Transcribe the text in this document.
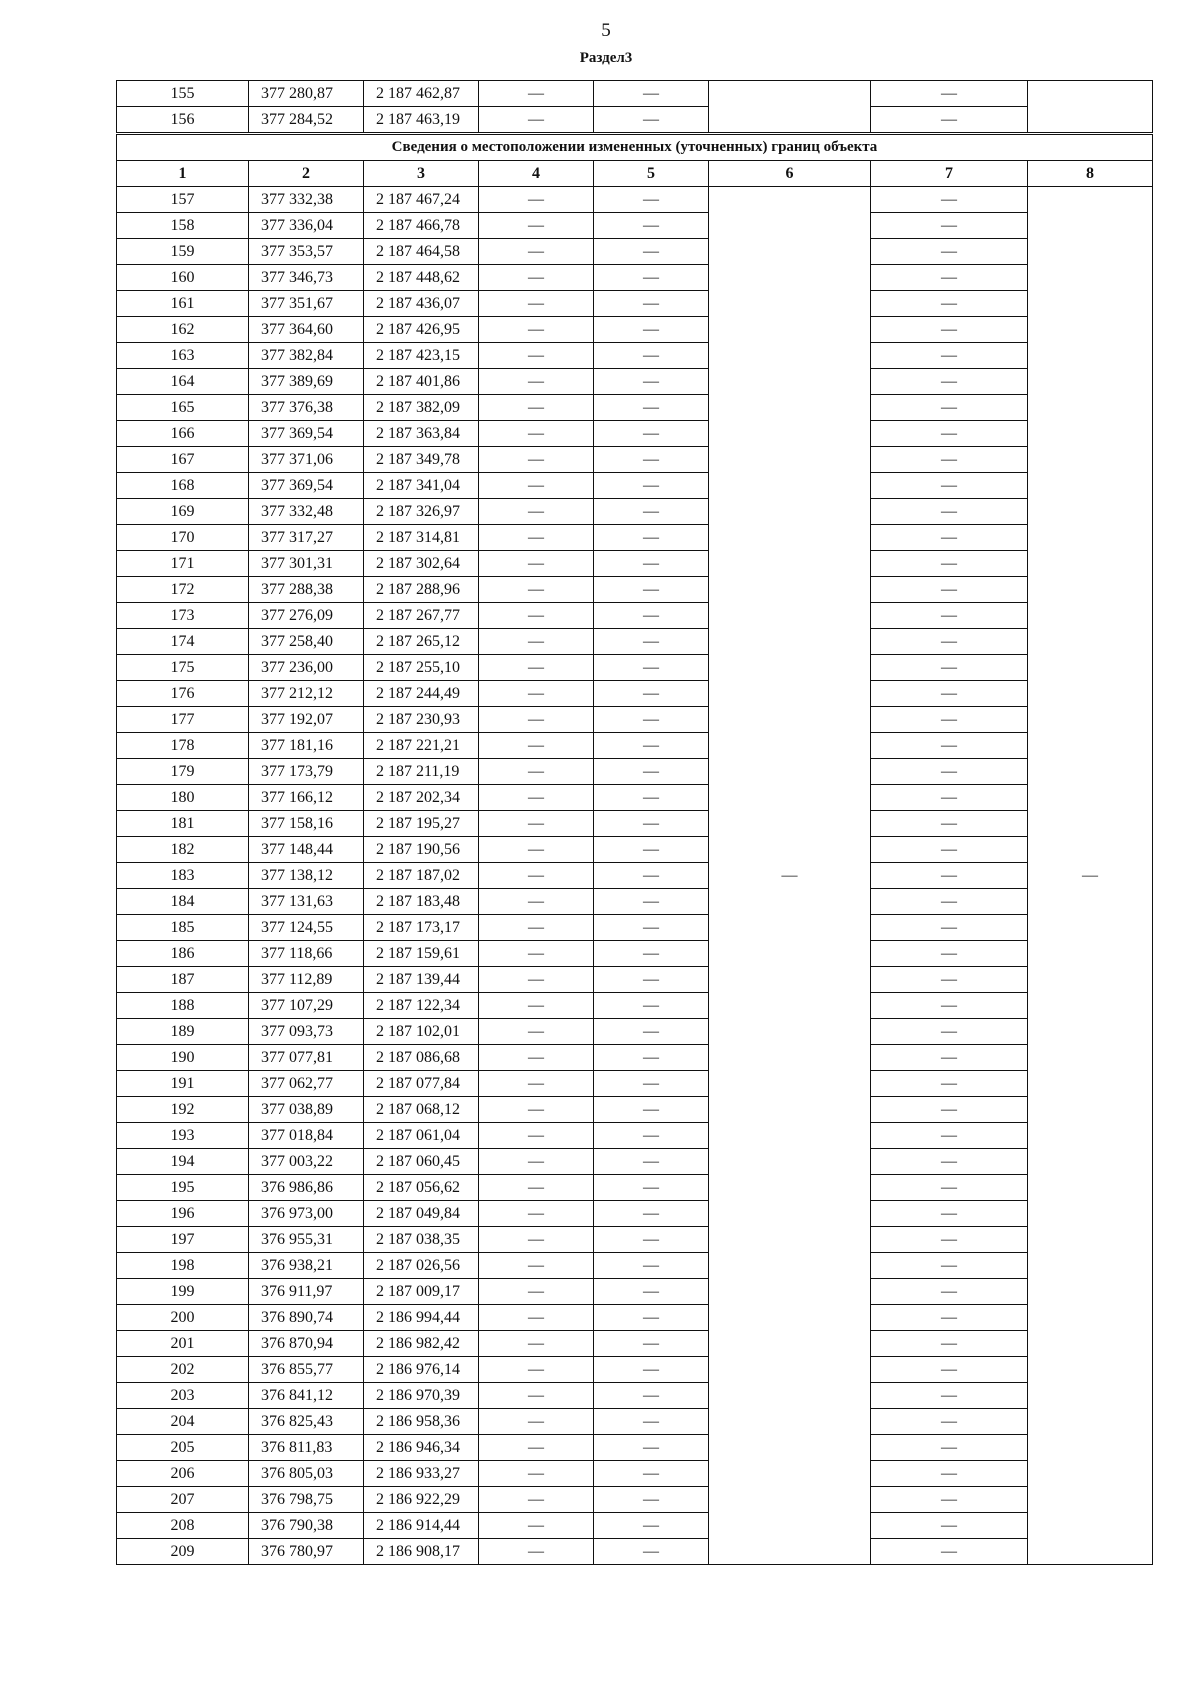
5
Раздел3
155	377 280,87	2 187 462,87	—	—		—	
156	377 284,52	2 187 463,19	—	—		—	

Сведения о местоположении измененных (уточненных) границ объекта							
1	2	3	4	5	6	7	8
157	377 332,38	2 187 467,24	—	—	—	—	—
158	377 336,04	2 187 466,78	—	—		—	
159	377 353,57	2 187 464,58	—	—		—	
160	377 346,73	2 187 448,62	—	—		—	
161	377 351,67	2 187 436,07	—	—		—	
162	377 364,60	2 187 426,95	—	—		—	
163	377 382,84	2 187 423,15	—	—		—	
164	377 389,69	2 187 401,86	—	—		—	
165	377 376,38	2 187 382,09	—	—		—	
166	377 369,54	2 187 363,84	—	—		—	
167	377 371,06	2 187 349,78	—	—		—	
168	377 369,54	2 187 341,04	—	—		—	
169	377 332,48	2 187 326,97	—	—		—	
170	377 317,27	2 187 314,81	—	—		—	
171	377 301,31	2 187 302,64	—	—		—	
172	377 288,38	2 187 288,96	—	—		—	
173	377 276,09	2 187 267,77	—	—		—	
174	377 258,40	2 187 265,12	—	—		—	
175	377 236,00	2 187 255,10	—	—		—	
176	377 212,12	2 187 244,49	—	—		—	
177	377 192,07	2 187 230,93	—	—		—	
178	377 181,16	2 187 221,21	—	—		—	
179	377 173,79	2 187 211,19	—	—		—	
180	377 166,12	2 187 202,34	—	—		—	
181	377 158,16	2 187 195,27	—	—		—	
182	377 148,44	2 187 190,56	—	—		—	
183	377 138,12	2 187 187,02	—	—		—	
184	377 131,63	2 187 183,48	—	—		—	
185	377 124,55	2 187 173,17	—	—		—	
186	377 118,66	2 187 159,61	—	—		—	
187	377 112,89	2 187 139,44	—	—		—	
188	377 107,29	2 187 122,34	—	—		—	
189	377 093,73	2 187 102,01	—	—		—	
190	377 077,81	2 187 086,68	—	—		—	
191	377 062,77	2 187 077,84	—	—		—	
192	377 038,89	2 187 068,12	—	—		—	
193	377 018,84	2 187 061,04	—	—		—	
194	377 003,22	2 187 060,45	—	—		—	
195	376 986,86	2 187 056,62	—	—		—	
196	376 973,00	2 187 049,84	—	—		—	
197	376 955,31	2 187 038,35	—	—		—	
198	376 938,21	2 187 026,56	—	—		—	
199	376 911,97	2 187 009,17	—	—		—	
200	376 890,74	2 186 994,44	—	—		—	
201	376 870,94	2 186 982,42	—	—		—	
202	376 855,77	2 186 976,14	—	—		—	
203	376 841,12	2 186 970,39	—	—		—	
204	376 825,43	2 186 958,36	—	—		—	
205	376 811,83	2 186 946,34	—	—		—	
206	376 805,03	2 186 933,27	—	—		—	
207	376 798,75	2 186 922,29	—	—		—	
208	376 790,38	2 186 914,44	—	—		—	
209	376 780,97	2 186 908,17	—	—		—	
